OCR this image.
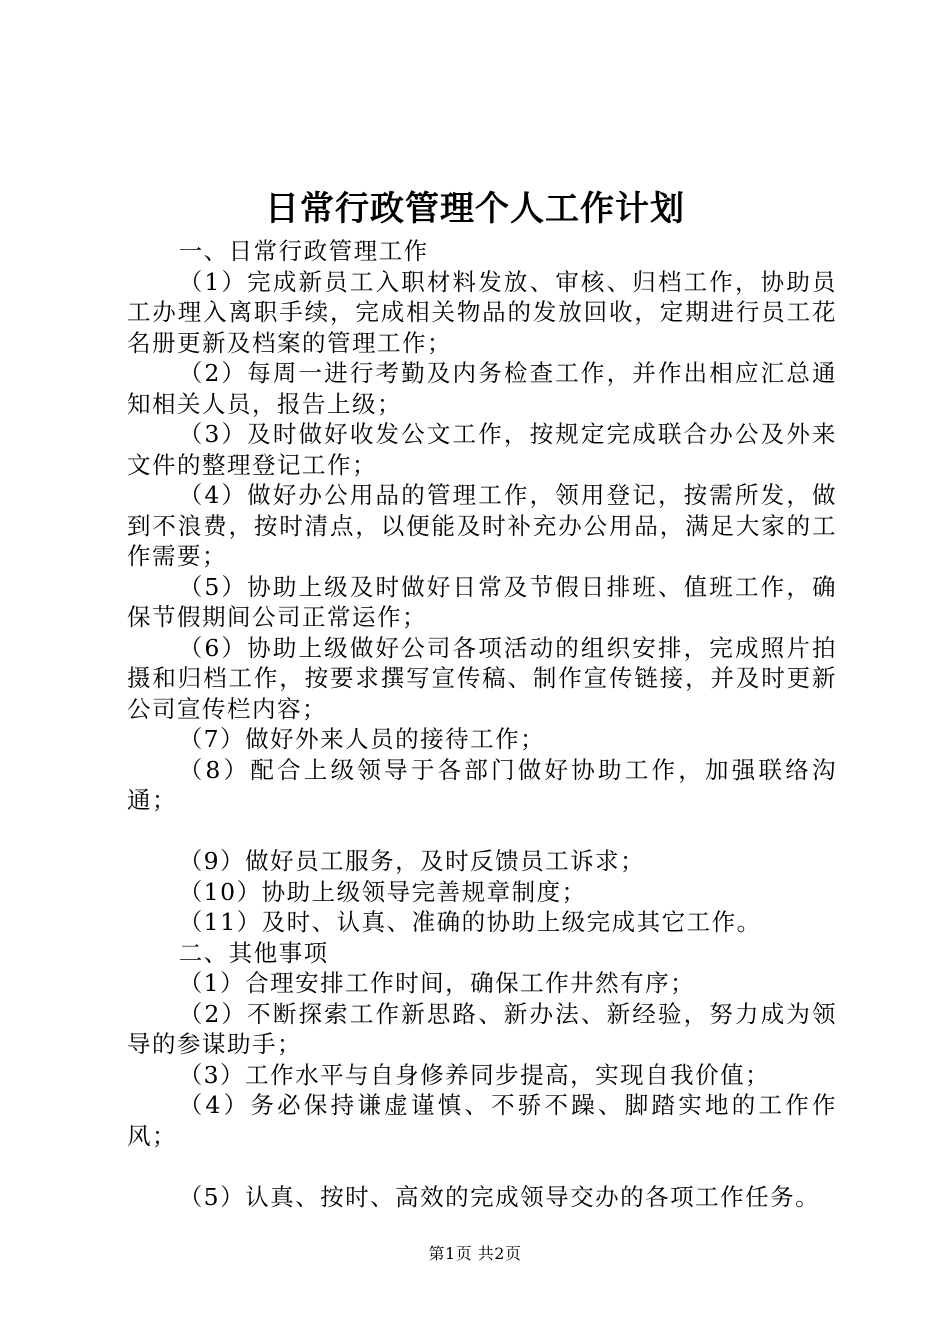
日常行政管理个人工作计划

一、日常行政管理工作

（1）完成新员工入职材料发放、审核、归档工作，协助员工办理入离职手续，完成相关物品的发放回收，定期进行员工花名册更新及档案的管理工作；

（2）每周一进行考勤及内务检查工作，并作出相应汇总通知相关人员，报告上级；

（3）及时做好收发公文工作，按规定完成联合办公及外来文件的整理登记工作；

（4）做好办公用品的管理工作，领用登记，按需所发，做到不浪费，按时清点，以便能及时补充办公用品，满足大家的工作需要；

（5）协助上级及时做好日常及节假日排班、值班工作，确保节假期间公司正常运作；

（6）协助上级做好公司各项活动的组织安排，完成照片拍摄和归档工作，按要求撰写宣传稿、制作宣传链接，并及时更新公司宣传栏内容；

（7）做好外来人员的接待工作；

（8）配合上级领导于各部门做好协助工作，加强联络沟通；

（9）做好员工服务，及时反馈员工诉求；

（10）协助上级领导完善规章制度；

（11）及时、认真、准确的协助上级完成其它工作。

二、其他事项

（1）合理安排工作时间，确保工作井然有序；

（2）不断探索工作新思路、新办法、新经验，努力成为领导的参谋助手；

（3）工作水平与自身修养同步提高，实现自我价值；

（4）务必保持谦虚谨慎、不骄不躁、脚踏实地的工作作风；

（5）认真、按时、高效的完成领导交办的各项工作任务。

第1页 共2页
